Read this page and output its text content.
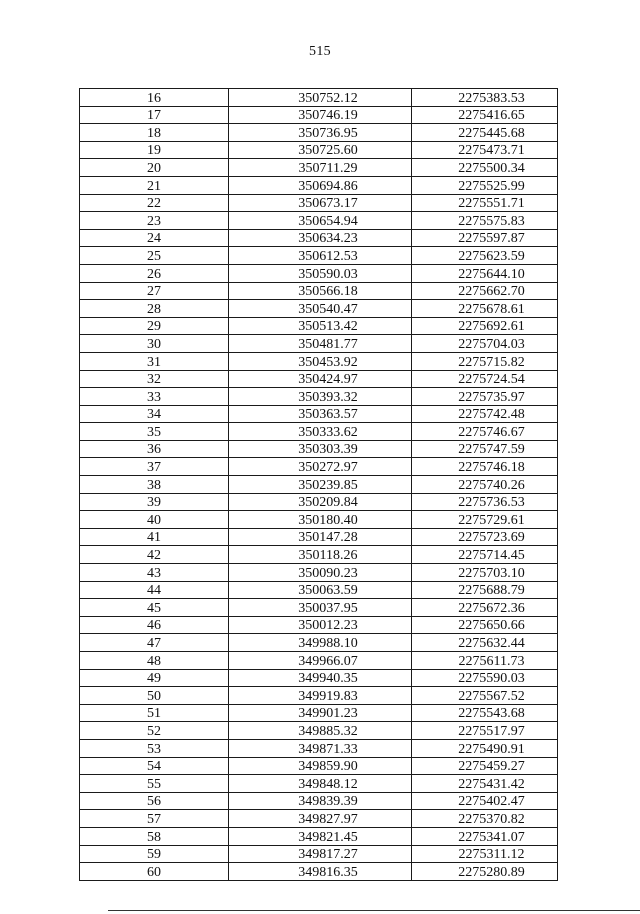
515
16	350752.12	2275383.53
17	350746.19	2275416.65
18	350736.95	2275445.68
19	350725.60	2275473.71
20	350711.29	2275500.34
21	350694.86	2275525.99
22	350673.17	2275551.71
23	350654.94	2275575.83
24	350634.23	2275597.87
25	350612.53	2275623.59
26	350590.03	2275644.10
27	350566.18	2275662.70
28	350540.47	2275678.61
29	350513.42	2275692.61
30	350481.77	2275704.03
31	350453.92	2275715.82
32	350424.97	2275724.54
33	350393.32	2275735.97
34	350363.57	2275742.48
35	350333.62	2275746.67
36	350303.39	2275747.59
37	350272.97	2275746.18
38	350239.85	2275740.26
39	350209.84	2275736.53
40	350180.40	2275729.61
41	350147.28	2275723.69
42	350118.26	2275714.45
43	350090.23	2275703.10
44	350063.59	2275688.79
45	350037.95	2275672.36
46	350012.23	2275650.66
47	349988.10	2275632.44
48	349966.07	2275611.73
49	349940.35	2275590.03
50	349919.83	2275567.52
51	349901.23	2275543.68
52	349885.32	2275517.97
53	349871.33	2275490.91
54	349859.90	2275459.27
55	349848.12	2275431.42
56	349839.39	2275402.47
57	349827.97	2275370.82
58	349821.45	2275341.07
59	349817.27	2275311.12
60	349816.35	2275280.89
